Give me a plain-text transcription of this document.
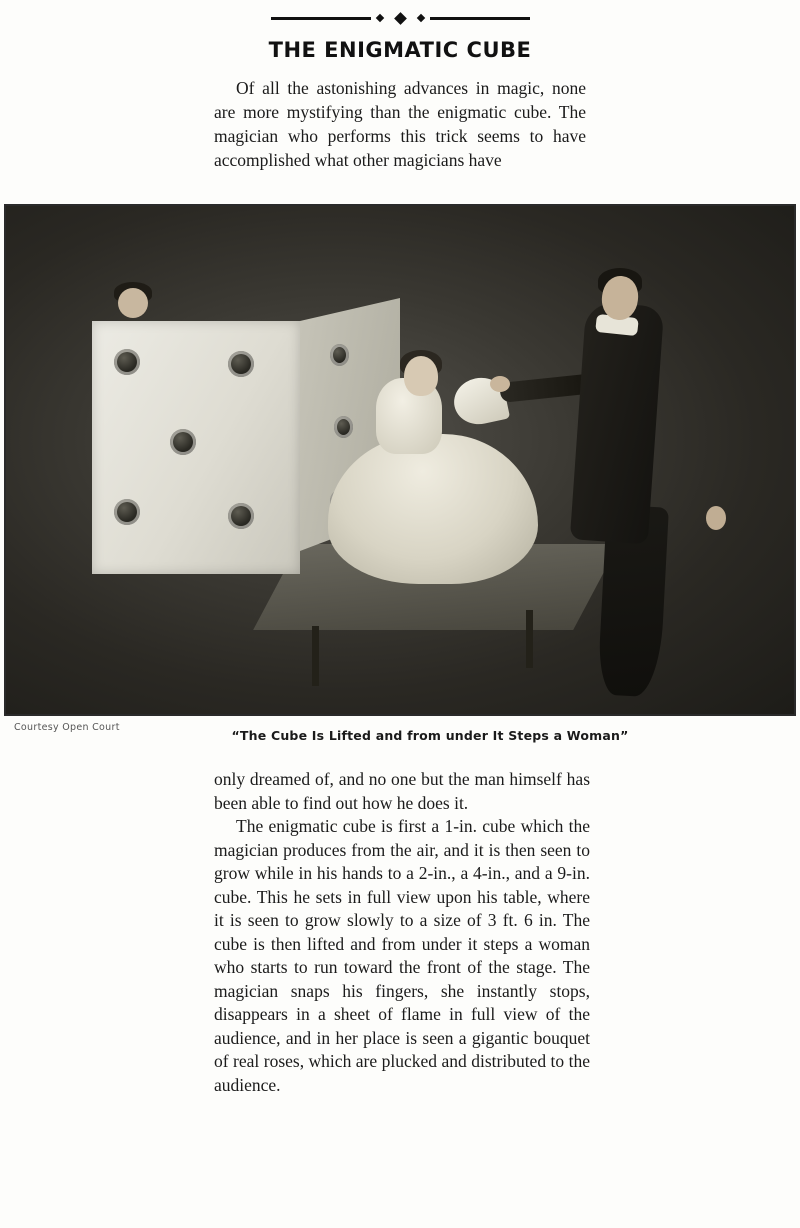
THE ENIGMATIC CUBE

Of all the astonishing advances in magic, none are more mystifying than the enigmatic cube. The magician who performs this trick seems to have accomplished what other magicians have

Courtesy Open Court
“The Cube Is Lifted and from under It Steps a Woman”

only dreamed of, and no one but the man himself has been able to find out how he does it.

The enigmatic cube is first a 1-in. cube which the magician produces from the air, and it is then seen to grow while in his hands to a 2-in., a 4-in., and a 9-in. cube. This he sets in full view upon his table, where it is seen to grow slowly to a size of 3 ft. 6 in. The cube is then lifted and from under it steps a woman who starts to run toward the front of the stage. The magician snaps his fingers, she instantly stops, disappears in a sheet of flame in full view of the audience, and in her place is seen a gigantic bouquet of real roses, which are plucked and distributed to the audience.
